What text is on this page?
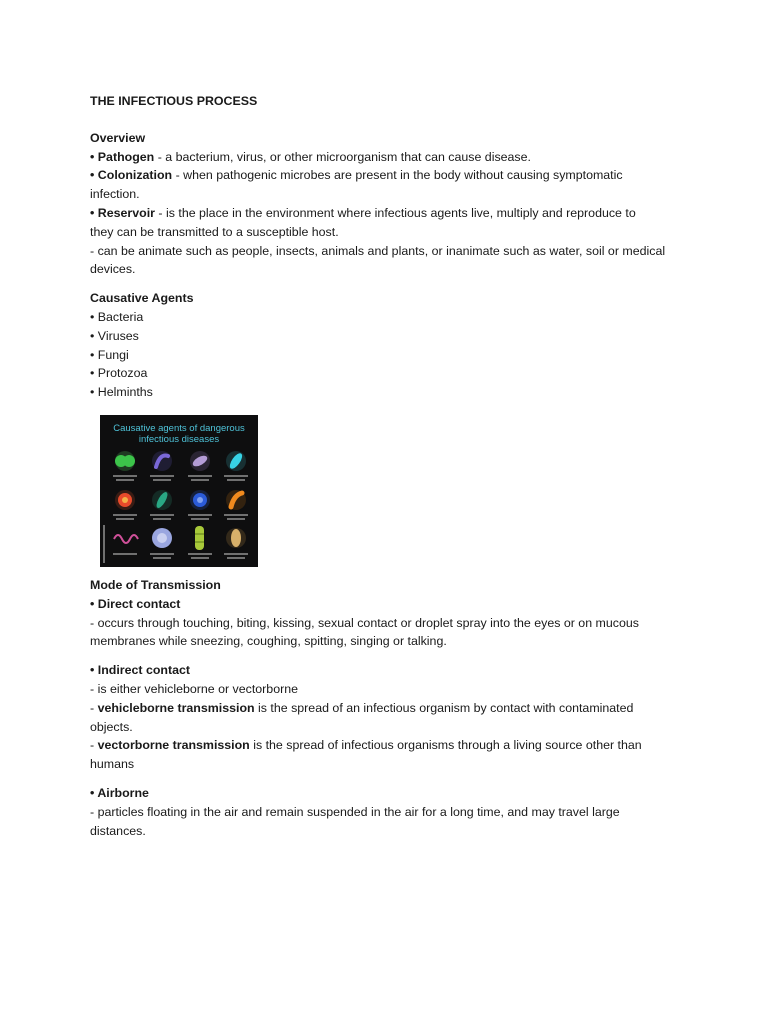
THE INFECTIOUS PROCESS
Overview
• Pathogen - a bacterium, virus, or other microorganism that can cause disease.
• Colonization - when pathogenic microbes are present in the body without causing symptomatic
infection.
• Reservoir - is the place in the environment where infectious agents live, multiply and reproduce to
they can be transmitted to a susceptible host.
- can be animate such as people, insects, animals and plants, or inanimate such as water, soil or medical
devices.
Causative Agents
• Bacteria
• Viruses
• Fungi
• Protozoa
• Helminths
Causative agents of dangerous
infectious diseases
Mode of Transmission
• Direct contact
- occurs through touching, biting, kissing, sexual contact or droplet spray into the eyes or on mucous
membranes while sneezing, coughing, spitting, singing or talking.
• Indirect contact
- is either vehicleborne or vectorborne
- vehicleborne transmission is the spread of an infectious organism by contact with contaminated
objects.
- vectorborne transmission is the spread of infectious organisms through a living source other than
humans
• Airborne
- particles floating in the air and remain suspended in the air for a long time, and may travel large
distances.
